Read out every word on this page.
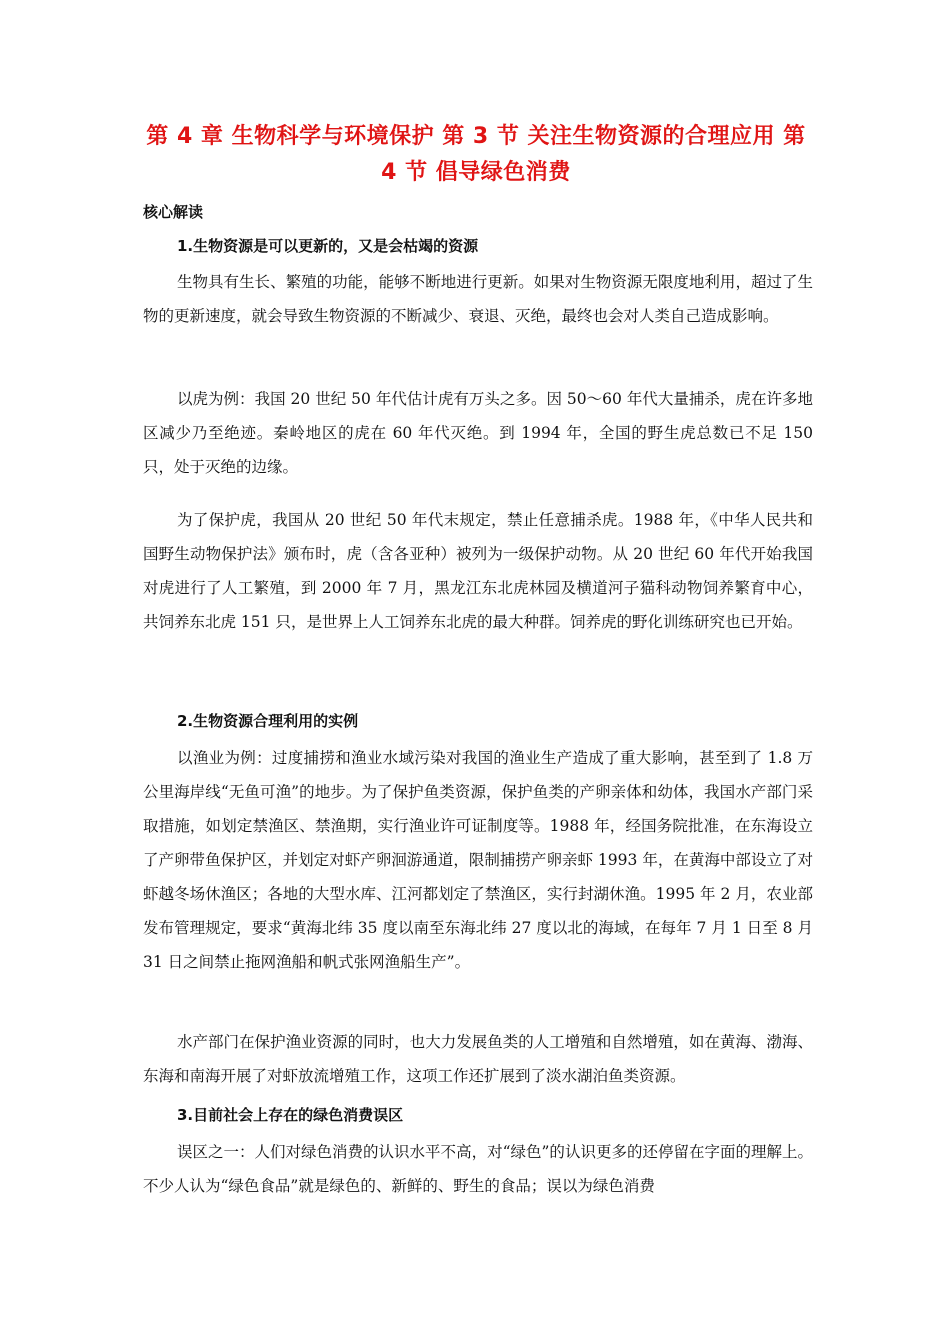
第 4 章 生物科学与环境保护 第 3 节 关注生物资源的合理应用 第 4 节 倡导绿色消费
核心解读
1.生物资源是可以更新的，又是会枯竭的资源

生物具有生长、繁殖的功能，能够不断地进行更新。如果对生物资源无限度地利用，超过了生物的更新速度，就会导致生物资源的不断减少、衰退、灭绝，最终也会对人类自己造成影响。

以虎为例：我国 20 世纪 50 年代估计虎有万头之多。因 50～60 年代大量捕杀，虎在许多地区减少乃至绝迹。秦岭地区的虎在 60 年代灭绝。到 1994 年，全国的野生虎总数已不足 150 只，处于灭绝的边缘。

为了保护虎，我国从 20 世纪 50 年代末规定，禁止任意捕杀虎。1988 年，《中华人民共和国野生动物保护法》颁布时，虎（含各亚种）被列为一级保护动物。从 20 世纪 60 年代开始我国对虎进行了人工繁殖，到 2000 年 7 月，黑龙江东北虎林园及横道河子猫科动物饲养繁育中心，共饲养东北虎 151 只，是世界上人工饲养东北虎的最大种群。饲养虎的野化训练研究也已开始。

2.生物资源合理利用的实例

以渔业为例：过度捕捞和渔业水域污染对我国的渔业生产造成了重大影响，甚至到了 1.8 万公里海岸线“无鱼可渔”的地步。为了保护鱼类资源，保护鱼类的产卵亲体和幼体，我国水产部门采取措施，如划定禁渔区、禁渔期，实行渔业许可证制度等。1988 年，经国务院批准，在东海设立了产卵带鱼保护区，并划定对虾产卵洄游通道，限制捕捞产卵亲虾 1993 年，在黄海中部设立了对虾越冬场休渔区；各地的大型水库、江河都划定了禁渔区，实行封湖休渔。1995 年 2 月，农业部发布管理规定，要求“黄海北纬 35 度以南至东海北纬 27 度以北的海域，在每年 7 月 1 日至 8 月 31 日之间禁止拖网渔船和帆式张网渔船生产”。

水产部门在保护渔业资源的同时，也大力发展鱼类的人工增殖和自然增殖，如在黄海、渤海、东海和南海开展了对虾放流增殖工作，这项工作还扩展到了淡水湖泊鱼类资源。

3.目前社会上存在的绿色消费误区

误区之一：人们对绿色消费的认识水平不高，对“绿色”的认识更多的还停留在字面的理解上。不少人认为“绿色食品”就是绿色的、新鲜的、野生的食品；误以为绿色消费
